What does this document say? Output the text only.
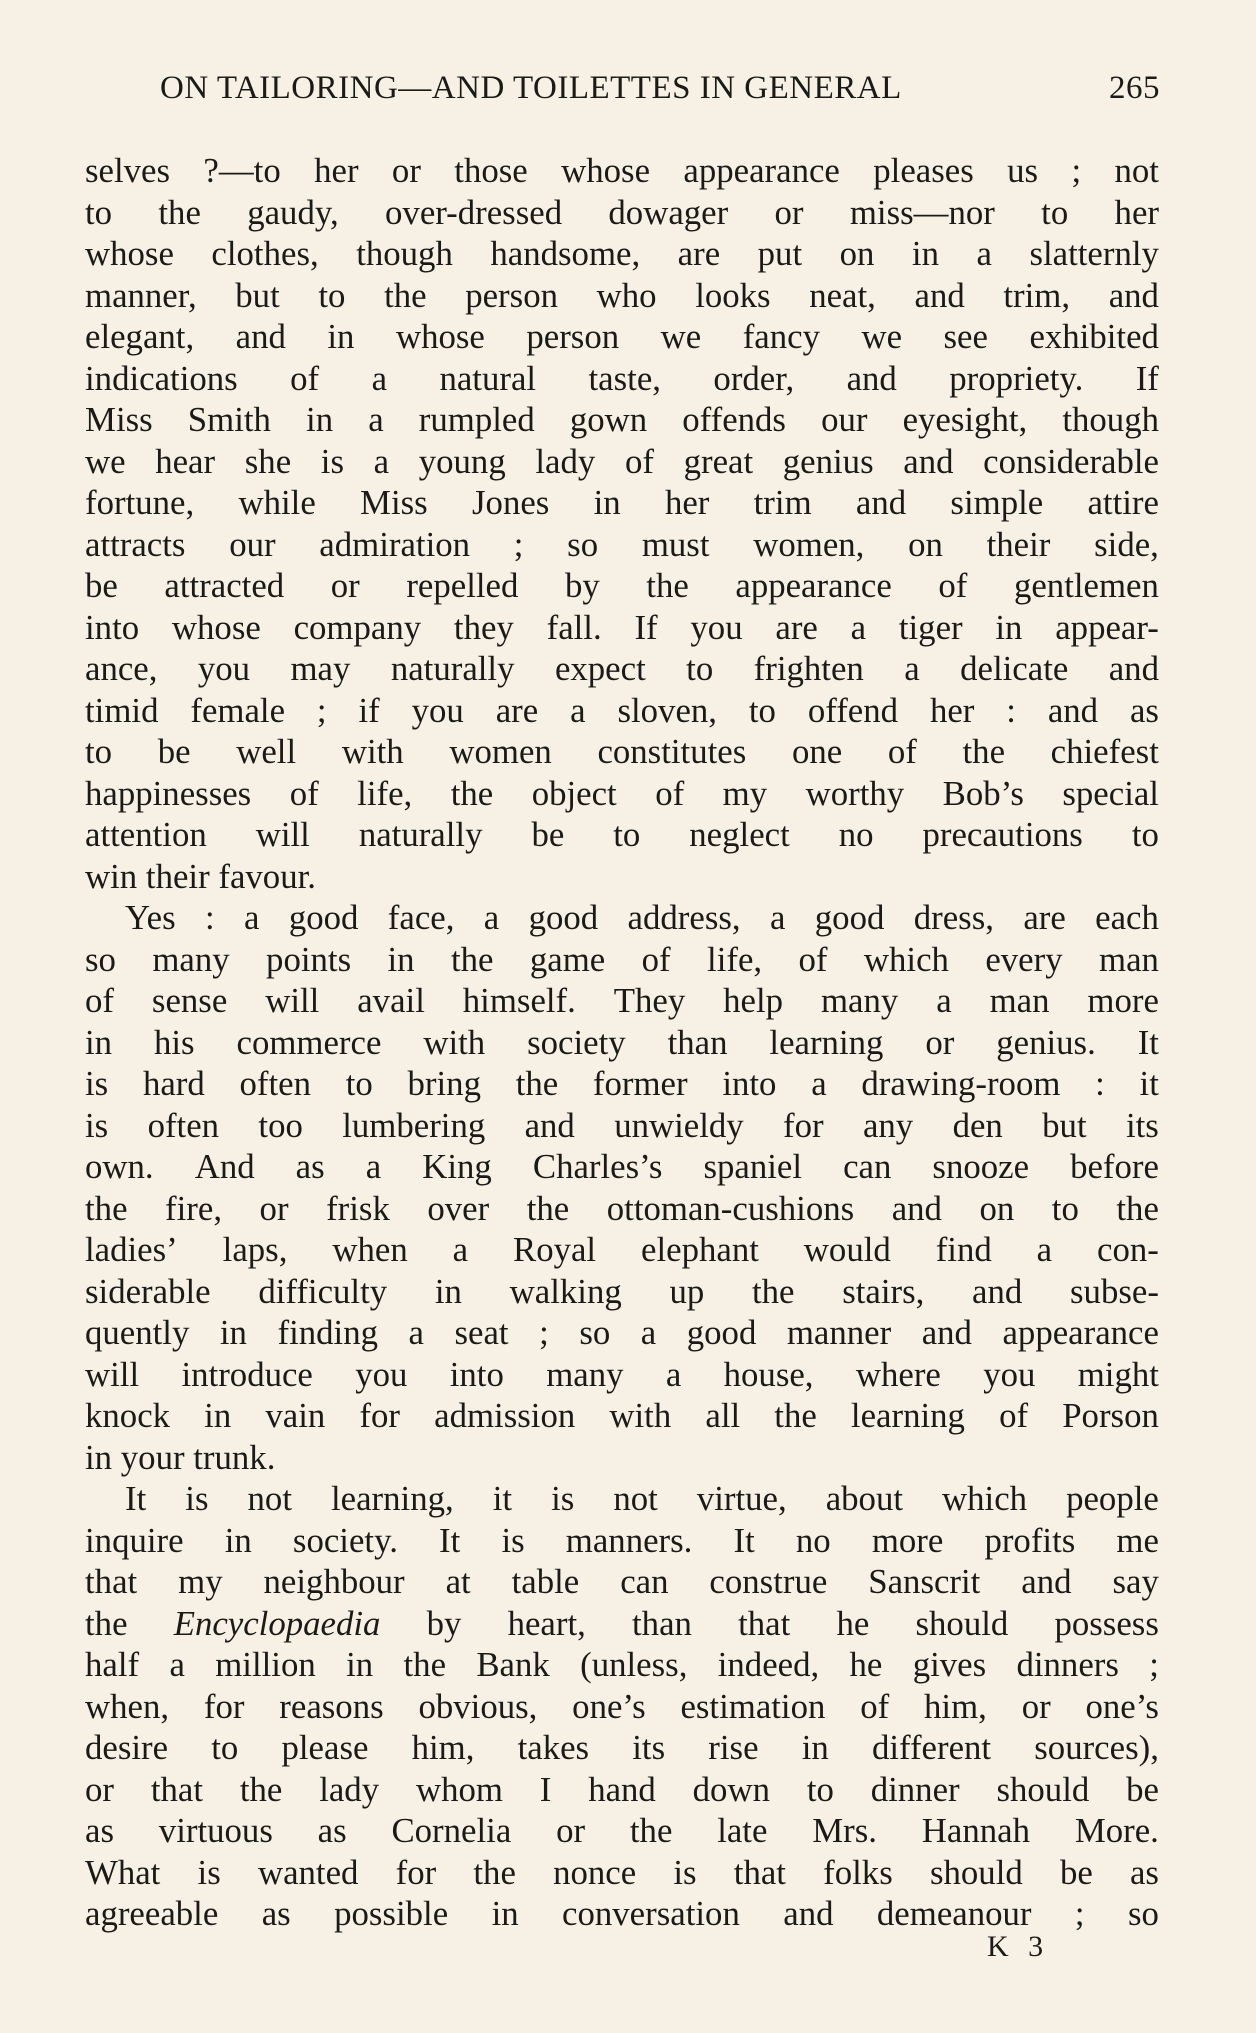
ON TAILORING—AND TOILETTES IN GENERAL	265
selves ?—to her or those whose appearance pleases us ; not
to the gaudy, over-dressed dowager or miss—nor to her
whose clothes, though handsome, are put on in a slatternly
manner, but to the person who looks neat, and trim, and
elegant, and in whose person we fancy we see exhibited
indications of a natural taste, order, and propriety. If
Miss Smith in a rumpled gown offends our eyesight, though
we hear she is a young lady of great genius and considerable
fortune, while Miss Jones in her trim and simple attire
attracts our admiration ; so must women, on their side,
be attracted or repelled by the appearance of gentlemen
into whose company they fall. If you are a tiger in appear-
ance, you may naturally expect to frighten a delicate and
timid female ; if you are a sloven, to offend her : and as
to be well with women constitutes one of the chiefest
happinesses of life, the object of my worthy Bob’s special
attention will naturally be to neglect no precautions to
win their favour.
Yes : a good face, a good address, a good dress, are each
so many points in the game of life, of which every man
of sense will avail himself. They help many a man more
in his commerce with society than learning or genius. It
is hard often to bring the former into a drawing-room : it
is often too lumbering and unwieldy for any den but its
own. And as a King Charles’s spaniel can snooze before
the fire, or frisk over the ottoman-cushions and on to the
ladies’ laps, when a Royal elephant would find a con-
siderable difficulty in walking up the stairs, and subse-
quently in finding a seat ; so a good manner and appearance
will introduce you into many a house, where you might
knock in vain for admission with all the learning of Porson
in your trunk.
It is not learning, it is not virtue, about which people
inquire in society. It is manners. It no more profits me
that my neighbour at table can construe Sanscrit and say
the Encyclopaedia by heart, than that he should possess
half a million in the Bank (unless, indeed, he gives dinners ;
when, for reasons obvious, one’s estimation of him, or one’s
desire to please him, takes its rise in different sources),
or that the lady whom I hand down to dinner should be
as virtuous as Cornelia or the late Mrs. Hannah More.
What is wanted for the nonce is that folks should be as
agreeable as possible in conversation and demeanour ; so
K 3
